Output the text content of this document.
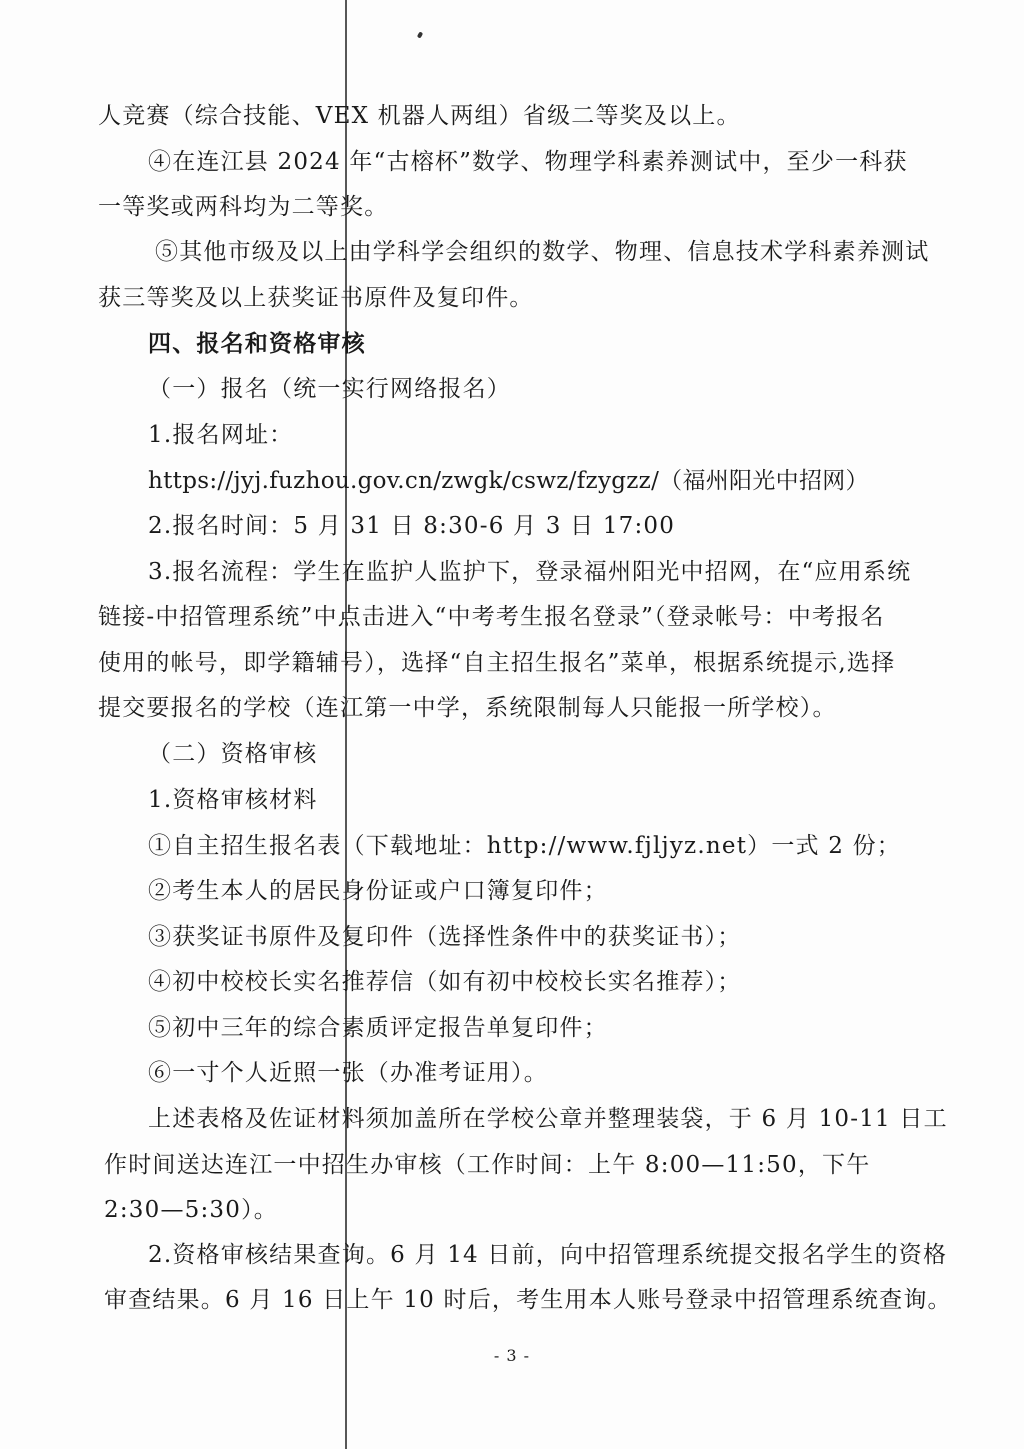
人竞赛（综合技能、VEX 机器人两组）省级二等奖及以上。
④在连江县 2024 年“古榕杯”数学、物理学科素养测试中，至少一科获
一等奖或两科均为二等奖。
⑤其他市级及以上由学科学会组织的数学、物理、信息技术学科素养测试
获三等奖及以上获奖证书原件及复印件。
四、报名和资格审核
（一）报名（统一实行网络报名）
1.报名网址：
https://jyj.fuzhou.gov.cn/zwgk/cswz/fzygzz/（福州阳光中招网）
2.报名时间：5 月 31 日 8:30-6 月 3 日 17:00
3.报名流程：学生在监护人监护下，登录福州阳光中招网，在“应用系统
链接-中招管理系统”中点击进入“中考考生报名登录”（登录帐号：中考报名
使用的帐号，即学籍辅号），选择“自主招生报名”菜单，根据系统提示,选择
提交要报名的学校（连江第一中学，系统限制每人只能报一所学校）。
（二）资格审核
1.资格审核材料
①自主招生报名表（下载地址：http://www.fjljyz.net）一式 2 份；
②考生本人的居民身份证或户口簿复印件；
③获奖证书原件及复印件（选择性条件中的获奖证书）；
④初中校校长实名推荐信（如有初中校校长实名推荐）；
⑤初中三年的综合素质评定报告单复印件；
⑥一寸个人近照一张（办准考证用）。
上述表格及佐证材料须加盖所在学校公章并整理装袋，于 6 月 10-11 日工
作时间送达连江一中招生办审核（工作时间：上午 8:00—11:50，下午
2:30—5:30）。
2.资格审核结果查询。6 月 14 日前，向中招管理系统提交报名学生的资格
审查结果。6 月 16 日上午 10 时后，考生用本人账号登录中招管理系统查询。
- 3 -
